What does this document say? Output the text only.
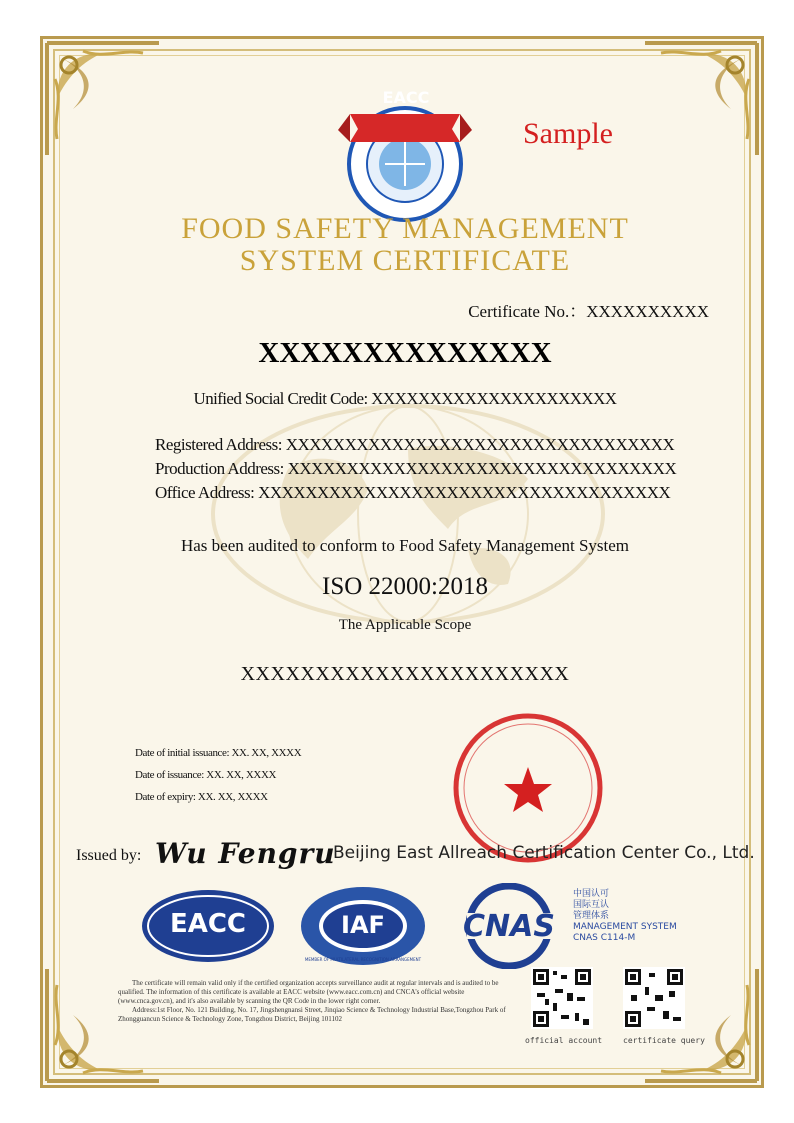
EACC
Sample
FOOD SAFETY MANAGEMENT
SYSTEM CERTIFICATE
Certificate No.：XXXXXXXXXX
XXXXXXXXXXXXXX
Unified Social Credit Code: XXXXXXXXXXXXXXXXXXXXX
Registered Address: XXXXXXXXXXXXXXXXXXXXXXXXXXXXXXXXX
Production Address: XXXXXXXXXXXXXXXXXXXXXXXXXXXXXXXXX
Office Address: XXXXXXXXXXXXXXXXXXXXXXXXXXXXXXXXXXX
Has been audited to conform to Food Safety Management System
ISO 22000:2018
The Applicable Scope
XXXXXXXXXXXXXXXXXXXXXX
Date of initial issuance: XX. XX, XXXX
Date of issuance: XX. XX, XXXX
Date of expiry: XX. XX, XXXX
Issued by: Wu Fengru
Beijing East Allreach Certification Center Co., Ltd.
EACC	IAF
MEMBER OF MULTILATERAL RECOGNITION ARRANGEMENT
CNAS
中国认可
国际互认
管理体系
MANAGEMENT SYSTEM
CNAS C114-M
The certificate will remain valid only if the certified organization accepts surveillance audit at regular intervals and is audited to be qualified. The information of this certificate is available at EACC website (www.eacc.com.cn) and CNCA's official website (www.cnca.gov.cn), and it's also available by scanning the QR Code in the lower right corner.
Address:1st Floor, No. 121 Building, No. 17, Jingshengnansi Street, Jinqiao Science & Technology Industrial Base,Tongzhou Park of Zhongguancun Science & Technology Zone, Tongzhou District, Beijing 101102
official account	certificate query
